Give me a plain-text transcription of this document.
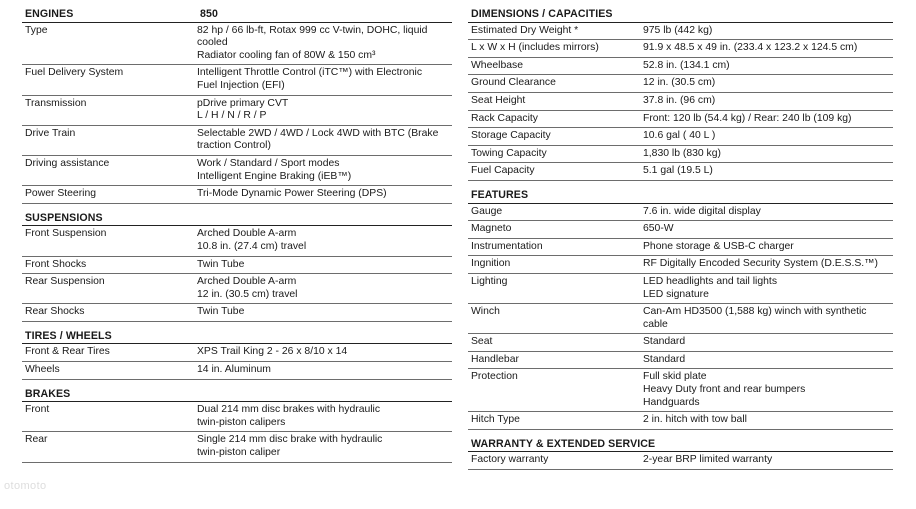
ENGINES	850
Type	82 hp / 66 lb-ft, Rotax 999 cc V-twin, DOHC, liquid
cooled
Radiator cooling fan of 80W & 150 cm³
Fuel Delivery System	Intelligent Throttle Control (iTC™) with Electronic
Fuel Injection (EFI)
Transmission	pDrive primary CVT
L / H / N / R / P
Drive Train	Selectable 2WD / 4WD / Lock 4WD with BTC (Brake
traction Control)
Driving assistance	Work / Standard / Sport modes
Intelligent Engine Braking (iEB™)
Power Steering	Tri-Mode Dynamic Power Steering (DPS)
SUSPENSIONS
Front Suspension	Arched Double A-arm
10.8 in. (27.4 cm) travel
Front Shocks	Twin Tube
Rear Suspension	Arched Double A-arm
12 in. (30.5 cm) travel
Rear Shocks	Twin Tube
TIRES / WHEELS
Front & Rear Tires	XPS Trail King 2 - 26 x 8/10 x 14
Wheels	14 in. Aluminum
BRAKES
Front	Dual 214 mm disc brakes with hydraulic
twin-piston calipers
Rear	Single 214 mm disc brake with hydraulic
twin-piston caliper
DIMENSIONS / CAPACITIES
Estimated Dry Weight *	975 lb (442 kg)
L x W x H (includes mirrors)	91.9 x 48.5 x 49 in. (233.4 x 123.2 x 124.5 cm)
Wheelbase	52.8 in. (134.1 cm)
Ground Clearance	12 in. (30.5 cm)
Seat Height	37.8 in. (96 cm)
Rack Capacity	Front: 120 lb (54.4 kg) / Rear: 240 lb (109 kg)
Storage Capacity	10.6 gal ( 40 L )
Towing Capacity	1,830 lb (830 kg)
Fuel Capacity	5.1 gal (19.5 L)
FEATURES
Gauge	7.6 in. wide digital display
Magneto	650-W
Instrumentation	Phone storage & USB-C charger
Ingnition	RF Digitally Encoded Security System (D.E.S.S.™)
Lighting	LED headlights and tail lights
LED signature
Winch	Can-Am HD3500 (1,588 kg) winch with synthetic
cable
Seat	Standard
Handlebar	Standard
Protection	Full skid plate
Heavy Duty front and rear bumpers
Handguards
Hitch Type	2 in. hitch with tow ball
WARRANTY & EXTENDED SERVICE
Factory warranty	2-year BRP limited warranty
otomoto
